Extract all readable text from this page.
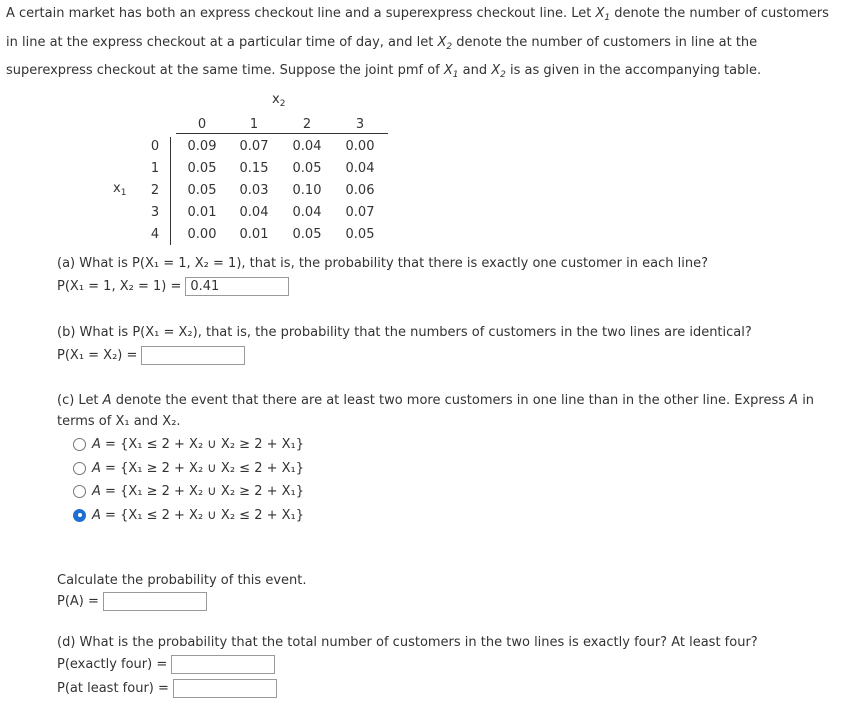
A certain market has both an express checkout line and a superexpress checkout line. Let $X_1$ denote the number of customers in line at the express checkout at a particular time of day, and let $X_2$ denote the number of customers in line at the superexpress checkout at the same time. Suppose the joint pmf of $X_1$ and $X_2$ is as given in the accompanying table.
$x_2$
$x_1$
0	1	2	3
0	0.09	0.07	0.04	0.00
1	0.05	0.15	0.05	0.04
2	0.05	0.03	0.10	0.06
3	0.01	0.04	0.04	0.07
4	0.00	0.01	0.05	0.05
(a) What is P(X₁ = 1, X₂ = 1), that is, the probability that there is exactly one customer in each line?
P(X₁ = 1, X₂ = 1) =
0.41
(b) What is P(X₁ = X₂), that is, the probability that the numbers of customers in the two lines are identical?
P(X₁ = X₂) =
(c) Let A denote the event that there are at least two more customers in one line than in the other line. Express A in terms of X₁ and X₂.
A = {X₁ ≤ 2 + X₂ ∪ X₂ ≥ 2 + X₁}
A = {X₁ ≥ 2 + X₂ ∪ X₂ ≤ 2 + X₁}
A = {X₁ ≥ 2 + X₂ ∪ X₂ ≥ 2 + X₁}
A = {X₁ ≤ 2 + X₂ ∪ X₂ ≤ 2 + X₁}
Calculate the probability of this event.
P(A) =
(d) What is the probability that the total number of customers in the two lines is exactly four? At least four?
P(exactly four) =
P(at least four) =
